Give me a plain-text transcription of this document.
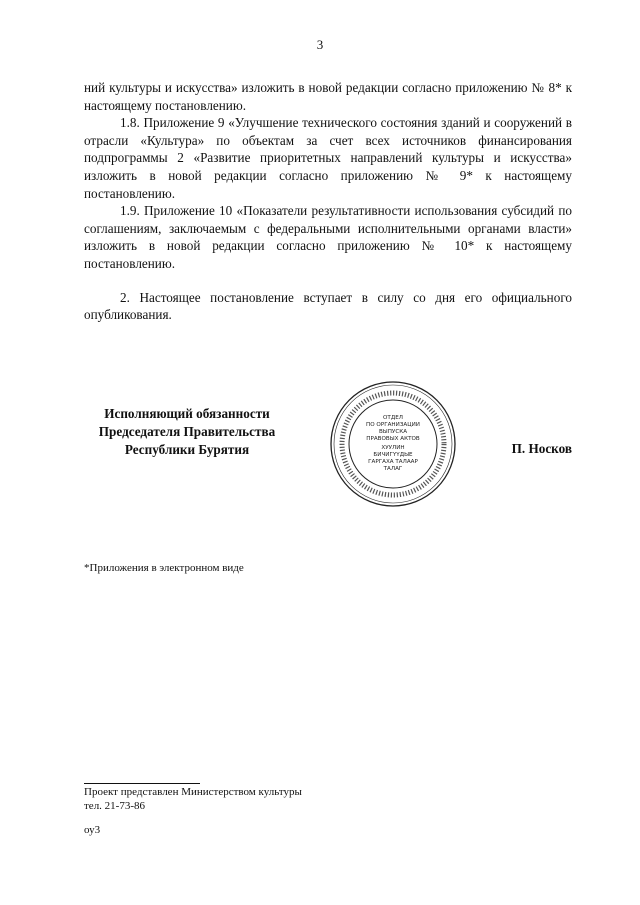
3

ний культуры и искусства» изложить в новой редакции согласно приложению № 8* к настоящему постановлению.

1.8. Приложение 9 «Улучшение технического состояния зданий и сооружений в отрасли «Культура» по объектам за счет всех источников финансирования подпрограммы 2 «Развитие приоритетных направлений культуры и искусства» изложить в новой редакции согласно приложению № 9* к настоящему постановлению.

1.9. Приложение 10 «Показатели результативности использования субсидий по соглашениям, заключаемым с федеральными исполнительными органами власти» изложить в новой редакции согласно приложению № 10* к настоящему постановлению.

2. Настоящее постановление вступает в силу со дня его официального опубликования.

Исполняющий обязанности
Председателя Правительства
Республики Бурятия
ОТДЕЛ
ПО ОРГАНИЗАЦИИ
ВЫПУСКА
ПРАВОВЫХ АКТОВ
ХУУЛИН
БИЧИГҮҮДЫЕ
ГАРГАХА ТАЛААР
ТАЛАГ
П. Носков
*Приложения в электронном виде
Проект представлен Министерством культуры
тел. 21-73-86
оу3
